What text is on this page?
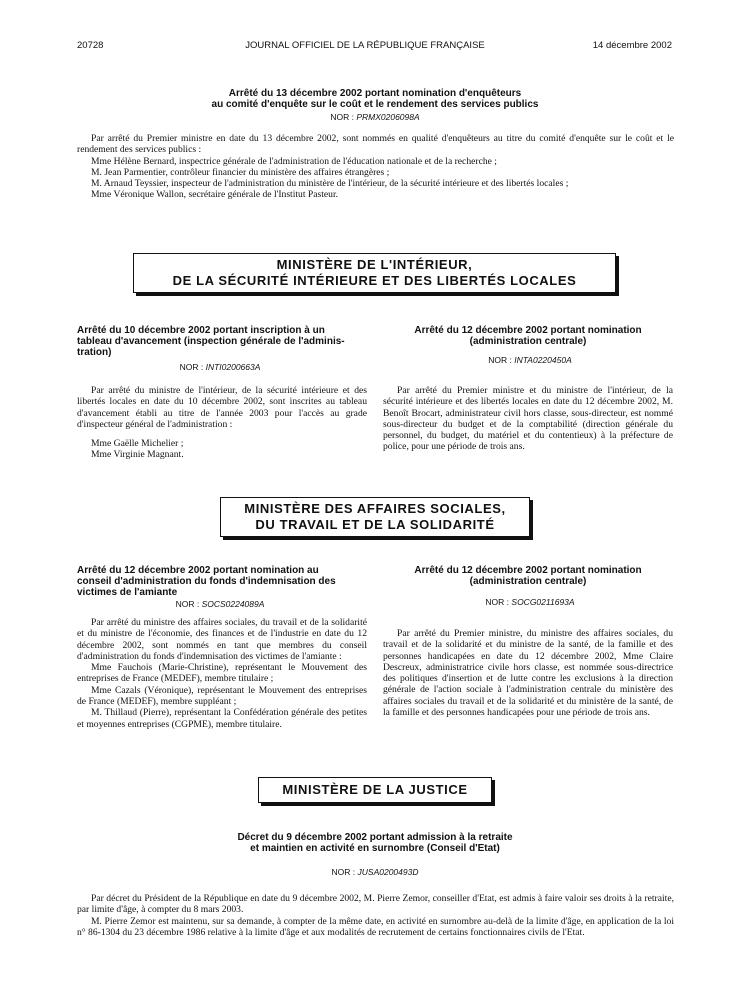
20728	JOURNAL OFFICIEL DE LA RÉPUBLIQUE FRANÇAISE	14 décembre 2002
Arrêté du 13 décembre 2002 portant nomination d'enquêteurs
au comité d'enquête sur le coût et le rendement des services publics
NOR : PRMX0206098A

Par arrêté du Premier ministre en date du 13 décembre 2002, sont nommés en qualité d'enquêteurs au titre du comité d'enquête sur le coût et le rendement des services publics :

Mme Hélène Bernard, inspectrice générale de l'administration de l'éducation nationale et de la recherche ;

M. Jean Parmentier, contrôleur financier du ministère des affaires étrangères ;

M. Arnaud Teyssier, inspecteur de l'administration du ministère de l'intérieur, de la sécurité intérieure et des libertés locales ;

Mme Véronique Wallon, secrétaire générale de l'Institut Pasteur.

MINISTÈRE DE L'INTÉRIEUR,
DE LA SÉCURITÉ INTÉRIEURE ET DES LIBERTÉS LOCALES
Arrêté du 10 décembre 2002 portant inscription à un
tableau d'avancement (inspection générale de l'adminis-
tration)
NOR : INTI0200663A

Par arrêté du ministre de l'intérieur, de la sécurité intérieure et des libertés locales en date du 10 décembre 2002, sont inscrites au tableau d'avancement établi au titre de l'année 2003 pour l'accès au grade d'inspecteur général de l'administration :

Mme Gaëlle Michelier ;

Mme Virginie Magnant.

Arrêté du 12 décembre 2002 portant nomination
(administration centrale)
NOR : INTA0220450A

Par arrêté du Premier ministre et du ministre de l'intérieur, de la sécurité intérieure et des libertés locales en date du 12 décembre 2002, M. Benoît Brocart, administrateur civil hors classe, sous-directeur, est nommé sous-directeur du budget et de la comptabilité (direction générale du personnel, du budget, du matériel et du contentieux) à la préfecture de police, pour une période de trois ans.

MINISTÈRE DES AFFAIRES SOCIALES,
DU TRAVAIL ET DE LA SOLIDARITÉ
Arrêté du 12 décembre 2002 portant nomination au
conseil d'administration du fonds d'indemnisation des
victimes de l'amiante
NOR : SOCS0224089A

Par arrêté du ministre des affaires sociales, du travail et de la solidarité et du ministre de l'économie, des finances et de l'industrie en date du 12 décembre 2002, sont nommés en tant que membres du conseil d'administration du fonds d'indemnisation des victimes de l'amiante :

Mme Fauchois (Marie-Christine), représentant le Mouvement des entreprises de France (MEDEF), membre titulaire ;

Mme Cazals (Véronique), représentant le Mouvement des entreprises de France (MEDEF), membre suppléant ;

M. Thillaud (Pierre), représentant la Confédération générale des petites et moyennes entreprises (CGPME), membre titulaire.

Arrêté du 12 décembre 2002 portant nomination
(administration centrale)
NOR : SOCG0211693A

Par arrêté du Premier ministre, du ministre des affaires sociales, du travail et de la solidarité et du ministre de la santé, de la famille et des personnes handicapées en date du 12 décembre 2002, Mme Claire Descreux, administratrice civile hors classe, est nommée sous-directrice des politiques d'insertion et de lutte contre les exclusions à la direction générale de l'action sociale à l'administration centrale du ministère des affaires sociales du travail et de la solidarité et du ministère de la santé, de la famille et des personnes handicapées pour une période de trois ans.

MINISTÈRE DE LA JUSTICE
Décret du 9 décembre 2002 portant admission à la retraite
et maintien en activité en surnombre (Conseil d'Etat)
NOR : JUSA0200493D

Par décret du Président de la République en date du 9 décembre 2002, M. Pierre Zemor, conseiller d'Etat, est admis à faire valoir ses droits à la retraite, par limite d'âge, à compter du 8 mars 2003.

M. Pierre Zemor est maintenu, sur sa demande, à compter de la même date, en activité en surnombre au-delà de la limite d'âge, en application de la loi n° 86-1304 du 23 décembre 1986 relative à la limite d'âge et aux modalités de recrutement de certains fonctionnaires civils de l'Etat.
